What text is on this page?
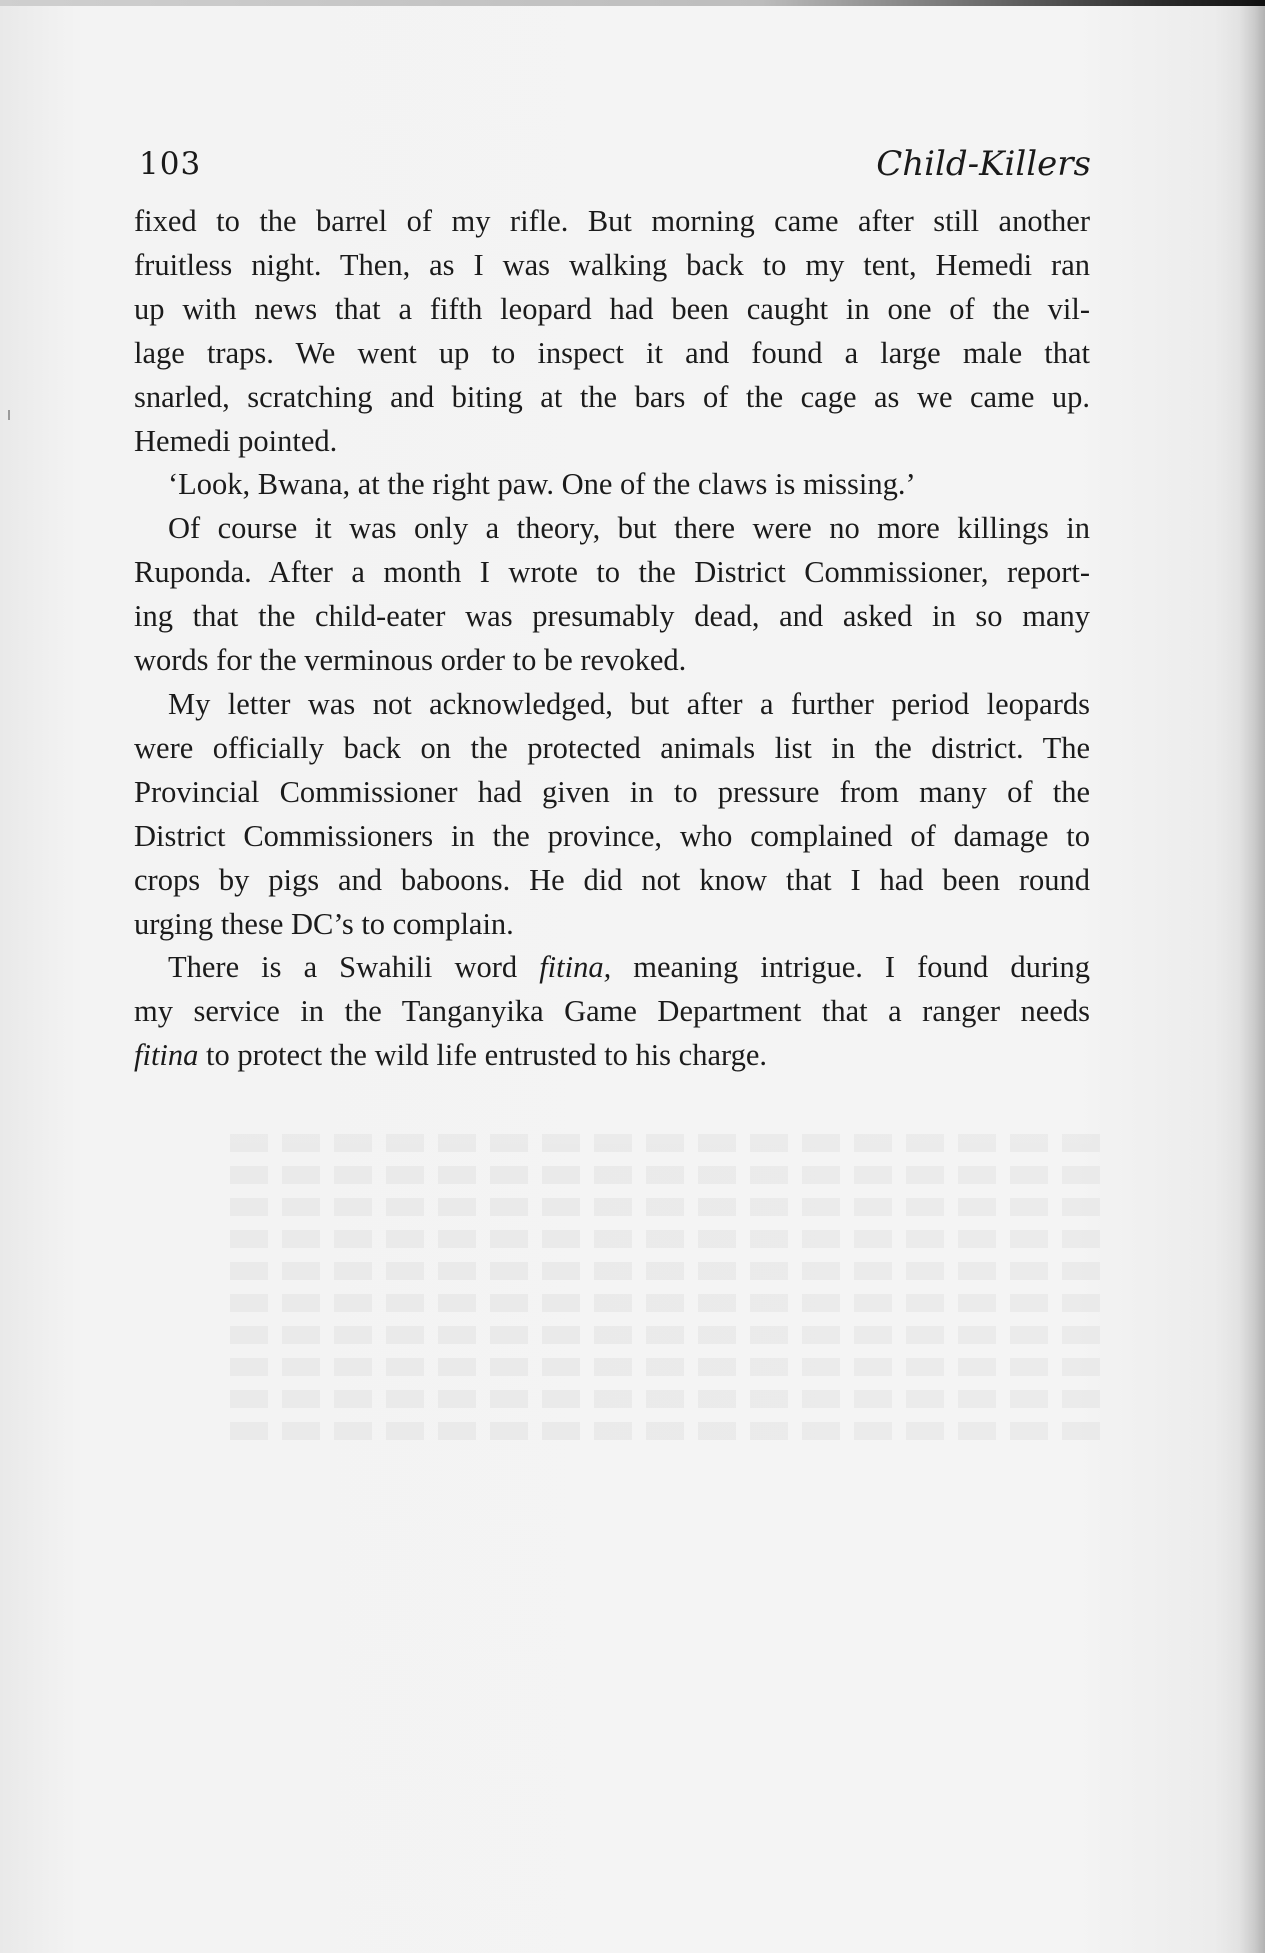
103	Child-Killers

fixed to the barrel of my rifle. But morning came after still another
fruitless night. Then, as I was walking back to my tent, Hemedi ran
up with news that a fifth leopard had been caught in one of the vil-
lage traps. We went up to inspect it and found a large male that
snarled, scratching and biting at the bars of the cage as we came up.
Hemedi pointed.

‘Look, Bwana, at the right paw. One of the claws is missing.’

Of course it was only a theory, but there were no more killings in
Ruponda. After a month I wrote to the District Commissioner, report-
ing that the child-eater was presumably dead, and asked in so many
words for the verminous order to be revoked.

My letter was not acknowledged, but after a further period leopards
were officially back on the protected animals list in the district. The
Provincial Commissioner had given in to pressure from many of the
District Commissioners in the province, who complained of damage to
crops by pigs and baboons. He did not know that I had been round
urging these DC’s to complain.

There is a Swahili word fitina, meaning intrigue. I found during
my service in the Tanganyika Game Department that a ranger needs
fitina to protect the wild life entrusted to his charge.
